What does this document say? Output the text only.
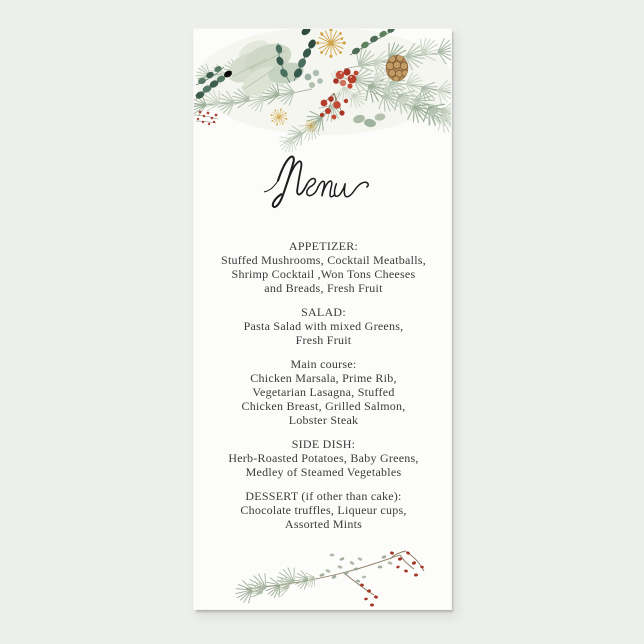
APPETIZER:
Stuffed Mushrooms, Cocktail Meatballs,
Shrimp Cocktail ,Won Tons Cheeses
and Breads, Fresh Fruit
SALAD:
Pasta Salad with mixed Greens,
Fresh Fruit
Main course:
Chicken Marsala, Prime Rib,
Vegetarian Lasagna, Stuffed
Chicken Breast, Grilled Salmon,
Lobster Steak
SIDE DISH:
Herb-Roasted Potatoes, Baby Greens,
Medley of Steamed Vegetables
DESSERT (if other than cake):
Chocolate truffles, Liqueur cups,
Assorted Mints
